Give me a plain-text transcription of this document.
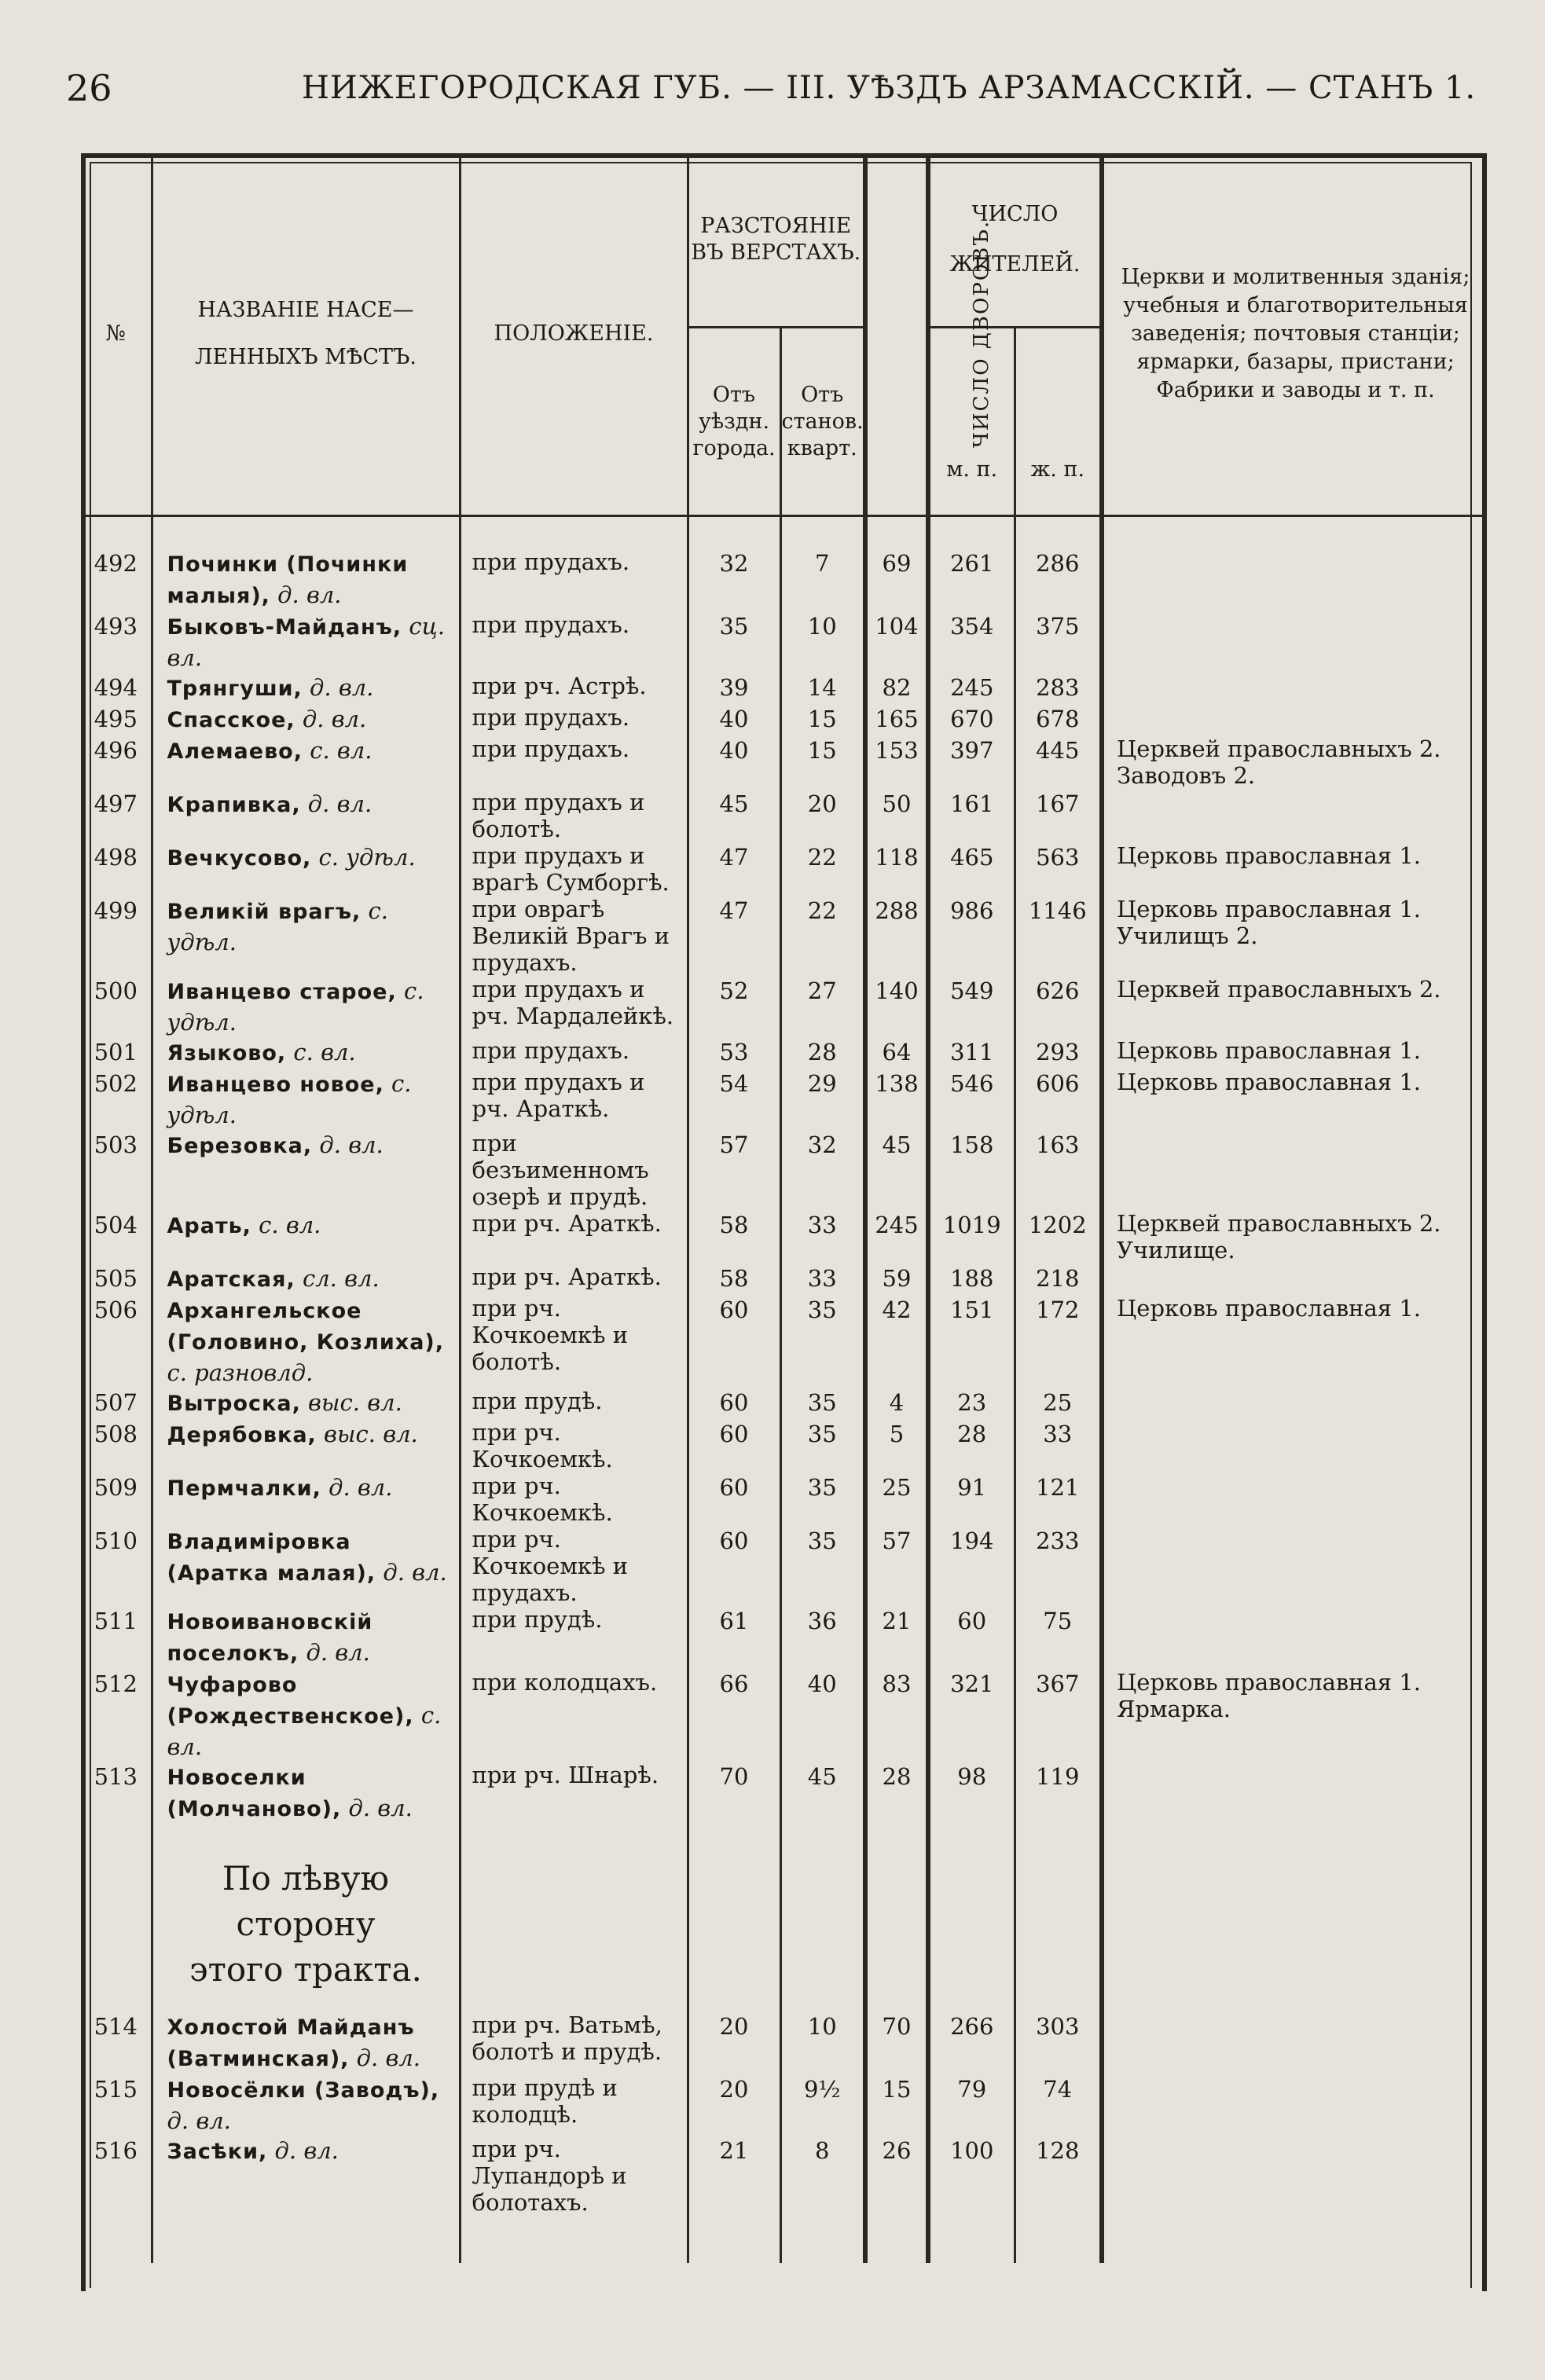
26	НИЖЕГОРОДСКАЯ ГУБ. — III. УѢЗДЪ АРЗАМАССКІЙ. — СТАНЪ 1.
№	НАЗВАНІЕ НАСЕ—
ЛЕННЫХЪ МѢСТЪ.	ПОЛОЖЕНІЕ.	РАЗСТОЯНІЕ
ВЪ ВЕРСТАХЪ.		ЧИСЛО ДВОРОВЪ.	ЧИСЛО
ЖИТЕЛЕЙ.		Церкви и молитвенныя зданія; учебныя и благотворительныя заведенія; почтовыя станціи; ярмарки, базары, пристани; Фабрики и заводы и т. п.

			Отъ
уѣздн.
города.	Отъ
станов.
кварт.		м. п.	ж. п.	
492	Починки (Починки малыя), д. вл.	при прудахъ.	32	7	69	261	286	
493	Быковъ-Майданъ, сц. вл.	при прудахъ.	35	10	104	354	375	
494	Трянгуши, д. вл.	при рч. Астрѣ.	39	14	82	245	283	
495	Спасское, д. вл.	при прудахъ.	40	15	165	670	678	
496	Алемаево, с. вл.	при прудахъ.	40	15	153	397	445	Церквей православныхъ 2. Заводовъ 2.
497	Крапивка, д. вл.	при прудахъ и болотѣ.	45	20	50	161	167	
498	Вечкусово, с. удѣл.	при прудахъ и врагѣ Сумборгѣ.	47	22	118	465	563	Церковь православная 1.
499	Великій врагъ, с. удѣл.	при оврагѣ Великій Врагъ и прудахъ.	47	22	288	986	1146	Церковь православная 1. Училищъ 2.
500	Иванцево старое, с. удѣл.	при прудахъ и рч. Мардалейкѣ.	52	27	140	549	626	Церквей православныхъ 2.
501	Языково, с. вл.	при прудахъ.	53	28	64	311	293	Церковь православная 1.
502	Иванцево новое, с. удѣл.	при прудахъ и рч. Араткѣ.	54	29	138	546	606	Церковь православная 1.
503	Березовка, д. вл.	при безъименномъ озерѣ и прудѣ.	57	32	45	158	163	
504	Арать, с. вл.	при рч. Араткѣ.	58	33	245	1019	1202	Церквей православныхъ 2. Училище.
505	Аратская, сл. вл.	при рч. Араткѣ.	58	33	59	188	218	
506	Архангельское (Головино, Козлиха), с. разновлд.	при рч. Кочкоемкѣ и болотѣ.	60	35	42	151	172	Церковь православная 1.
507	Вытроска, выс. вл.	при прудѣ.	60	35	4	23	25	
508	Дерябовка, выс. вл.	при рч. Кочкоемкѣ.	60	35	5	28	33	
509	Пермчалки, д. вл.	при рч. Кочкоемкѣ.	60	35	25	91	121	
510	Владиміровка (Аратка малая), д. вл.	при рч. Кочкоемкѣ и прудахъ.	60	35	57	194	233	
511	Новоивановскій поселокъ, д. вл.	при прудѣ.	61	36	21	60	75	
512	Чуфарово (Рождественское), с. вл.	при колодцахъ.	66	40	83	321	367	Церковь православная 1. Ярмарка.
513	Новоселки (Молчаново), д. вл.	при рч. Шнарѣ.	70	45	28	98	119	

	По лѣвую сторону
этого тракта.							

514	Холостой Майданъ (Ватминская), д. вл.	при рч. Ватьмѣ, болотѣ и прудѣ.	20	10	70	266	303	
515	Новосёлки (Заводъ), д. вл.	при прудѣ и колодцѣ.	20	9½	15	79	74	
516	Засѣки, д. вл.	при рч. Лупандорѣ и болотахъ.	21	8	26	100	128	
